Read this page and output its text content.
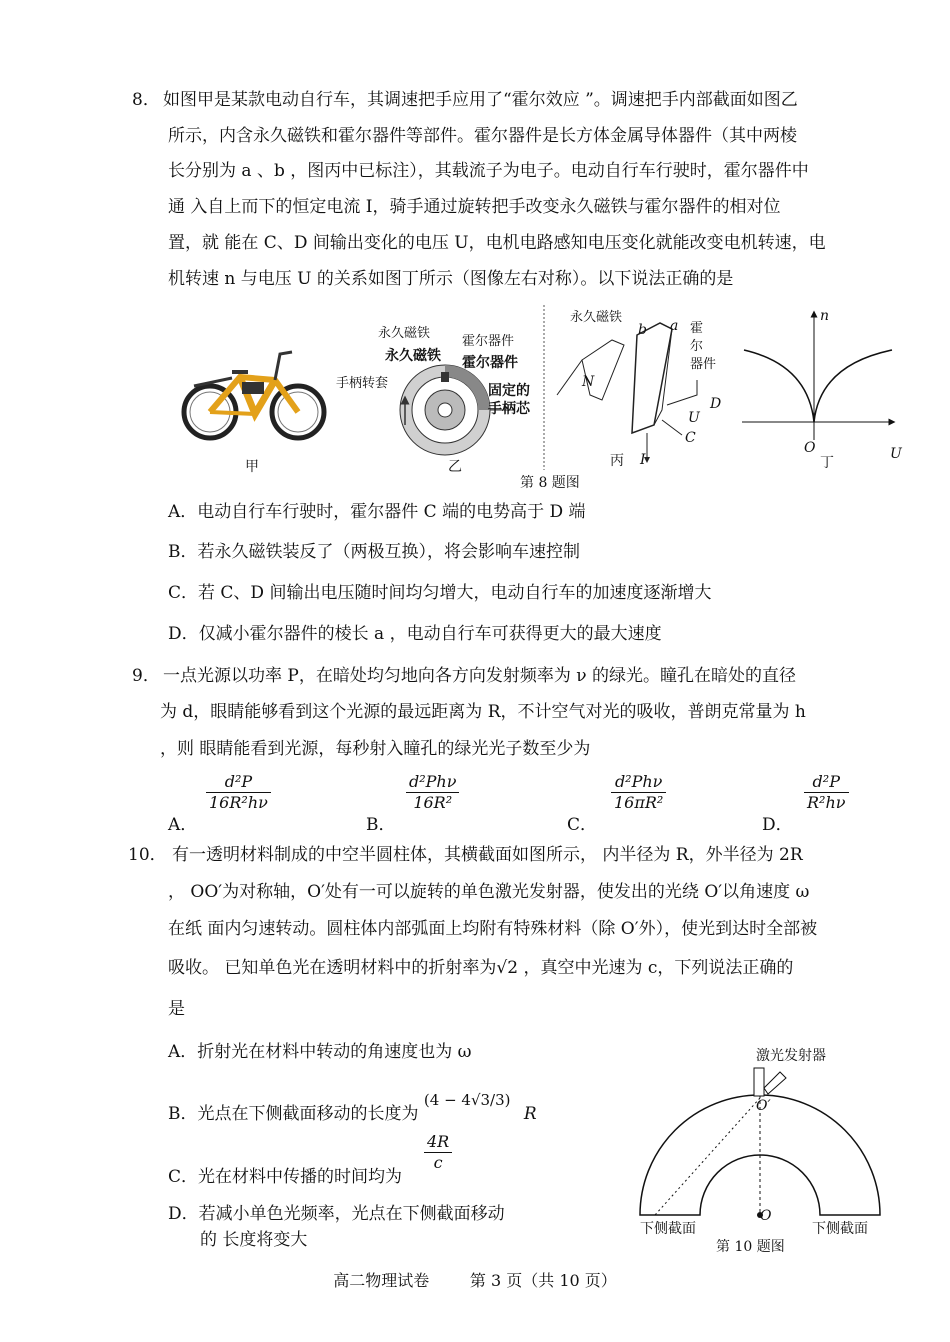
8． 如图甲是某款电动自行车，其调速把手应用了“霍尔效应 ”。调速把手内部截面如图乙
所示，内含永久磁铁和霍尔器件等部件。霍尔器件是长方体金属导体器件（其中两棱
长分别为 a 、b ，图丙中已标注），其载流子为电子。电动自行车行驶时，霍尔器件中
通 入自上而下的恒定电流 I，骑手通过旋转把手改变永久磁铁与霍尔器件的相对位
置，就 能在 C、D 间输出变化的电压 U，电机电路感知电压变化就能改变电机转速，电
机转速 n 与电压 U 的关系如图丁所示（图像左右对称）。以下说法正确的是
甲
永久磁铁
霍尔器件
永久磁铁 霍尔器件
手柄转套	固定的
手柄芯
乙
永久磁铁
N
b a 霍
尔
器件
D
U
C
I
丙
n
O
丁
U
第 8 题图
A．电动自行车行驶时，霍尔器件 C 端的电势高于 D 端
B．若永久磁铁装反了（两极互换），将会影响车速控制
C．若 C、D 间输出电压随时间均匀增大，电动自行车的加速度逐渐增大
D．仅减小霍尔器件的棱长 a ，电动自行车可获得更大的最大速度
9． 一点光源以功率 P，在暗处均匀地向各方向发射频率为 ν 的绿光。瞳孔在暗处的直径
为 d，眼睛能够看到这个光源的最远距离为 R，不计空气对光的吸收，普朗克常量为 h
，则 眼睛能看到光源，每秒射入瞳孔的绿光光子数至少为
A．
$\frac{\text{d²P}}{\text{16R²hν}}$
B．
d²Phν
16R²
C．
d²Phν
16πR²
D．
$\frac{\text{d²P}}{\text{R²hν}}$
10． 有一透明材料制成的中空半圆柱体，其横截面如图所示， 内半径为 R，外半径为 2R
， OO′为对称轴，O′处有一可以旋转的单色激光发射器，使发出的光绕 O′以角速度 ω
在纸 面内匀速转动。圆柱体内部弧面上均附有特殊材料（除 O′外），使光到达时全部被
吸收。 已知单色光在透明材料中的折射率为√2 ，真空中光速为 c，下列说法正确的
是
A．折射光在材料中转动的角速度也为 ω
B．光点在下侧截面移动的长度为 (4 − 4√3/3) R
C．光在材料中传播的时间均为
$\frac{4R}{c}$
D．若减小单色光频率，光点在下侧截面移动
的 长度将变大
激光发射器
O′
O
下侧截面	下侧截面
第 10 题图
高二物理试卷        第 3 页（共 10 页）
